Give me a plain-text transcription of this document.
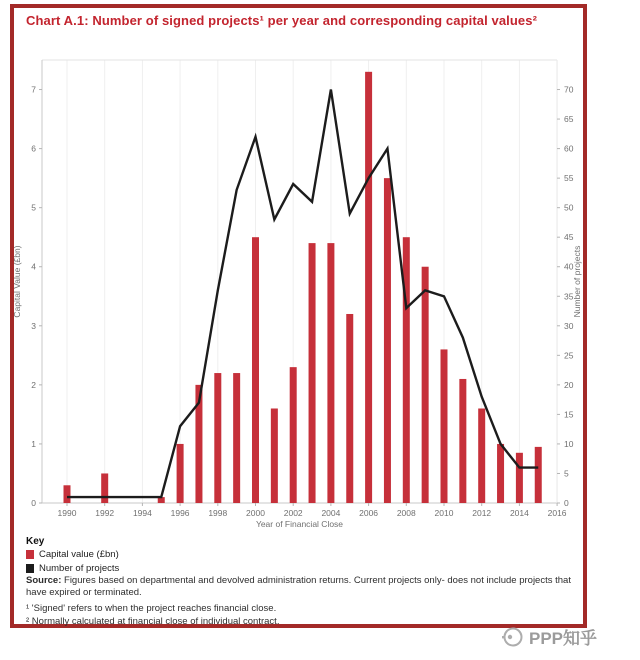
Chart A.1: Number of signed projects¹ per year and corresponding capital values²
0
1
2
3
4
5
6
7
0
5
10
15
20
25
30
35
40
45
50
55
60
65
70
1990 1992 1994 1996 1998 2000 2002 2004 2006 2008 2010 2012 2014 2016
Capital Value (£bn)	Number of projects
Year of Financial Close
Key
Capital value (£bn)
Number of projects

Source: Figures based on departmental and devolved administration returns. Current projects only- does not include projects that have expired or terminated.

¹ 'Signed' refers to when the project reaches financial close.

² Normally calculated at financial close of individual contract.

PPP知乎
